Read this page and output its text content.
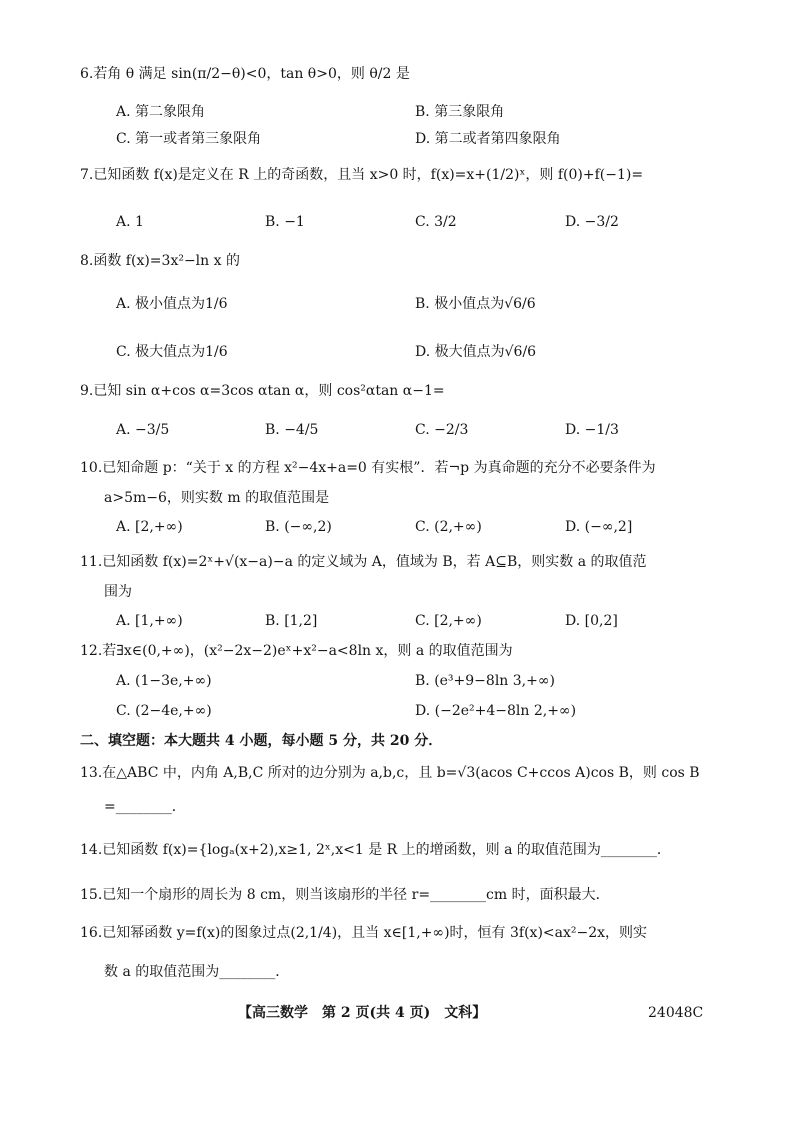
6.若角 θ 满足 sin(π/2−θ)<0，tan θ>0，则 θ/2 是
A. 第二象限角	B. 第三象限角
C. 第一或者第三象限角	D. 第二或者第四象限角
7.已知函数 f(x)是定义在 R 上的奇函数，且当 x>0 时，f(x)=x+(1/2)ˣ，则 f(0)+f(−1)=
A. 1	B. −1	C. 3/2	D. −3/2
8.函数 f(x)=3x²−ln x 的
A. 极小值点为1/6	B. 极小值点为√6/6
C. 极大值点为1/6	D. 极大值点为√6/6
9.已知 sin α+cos α=3cos αtan α，则 cos²αtan α−1=
A. −3/5	B. −4/5	C. −2/3	D. −1/3
10.已知命题 p：“关于 x 的方程 x²−4x+a=0 有实根”．若¬p 为真命题的充分不必要条件为
a>5m−6，则实数 m 的取值范围是
A. [2,+∞)	B. (−∞,2)	C. (2,+∞)	D. (−∞,2]
11.已知函数 f(x)=2ˣ+√(x−a)−a 的定义域为 A，值域为 B，若 A⊆B，则实数 a 的取值范
围为
A. [1,+∞)	B. [1,2]	C. [2,+∞)	D. [0,2]
12.若∃x∈(0,+∞)，(x²−2x−2)eˣ+x²−a<8ln x，则 a 的取值范围为
A. (1−3e,+∞)	B. (e³+9−8ln 3,+∞)
C. (2−4e,+∞)	D. (−2e²+4−8ln 2,+∞)
二、填空题：本大题共 4 小题，每小题 5 分，共 20 分．
13.在△ABC 中，内角 A,B,C 所对的边分别为 a,b,c，且 b=√3(acos C+ccos A)cos B，则 cos B
=________．
14.已知函数 f(x)={logₐ(x+2),x≥1, 2ˣ,x<1 是 R 上的增函数，则 a 的取值范围为________．
15.已知一个扇形的周长为 8 cm，则当该扇形的半径 r=________cm 时，面积最大．
16.已知幂函数 y=f(x)的图象过点(2,1/4)，且当 x∈[1,+∞)时，恒有 3f(x)<ax²−2x，则实
数 a 的取值范围为________．
【高三数学　第 2 页(共 4 页)　文科】	24048C
